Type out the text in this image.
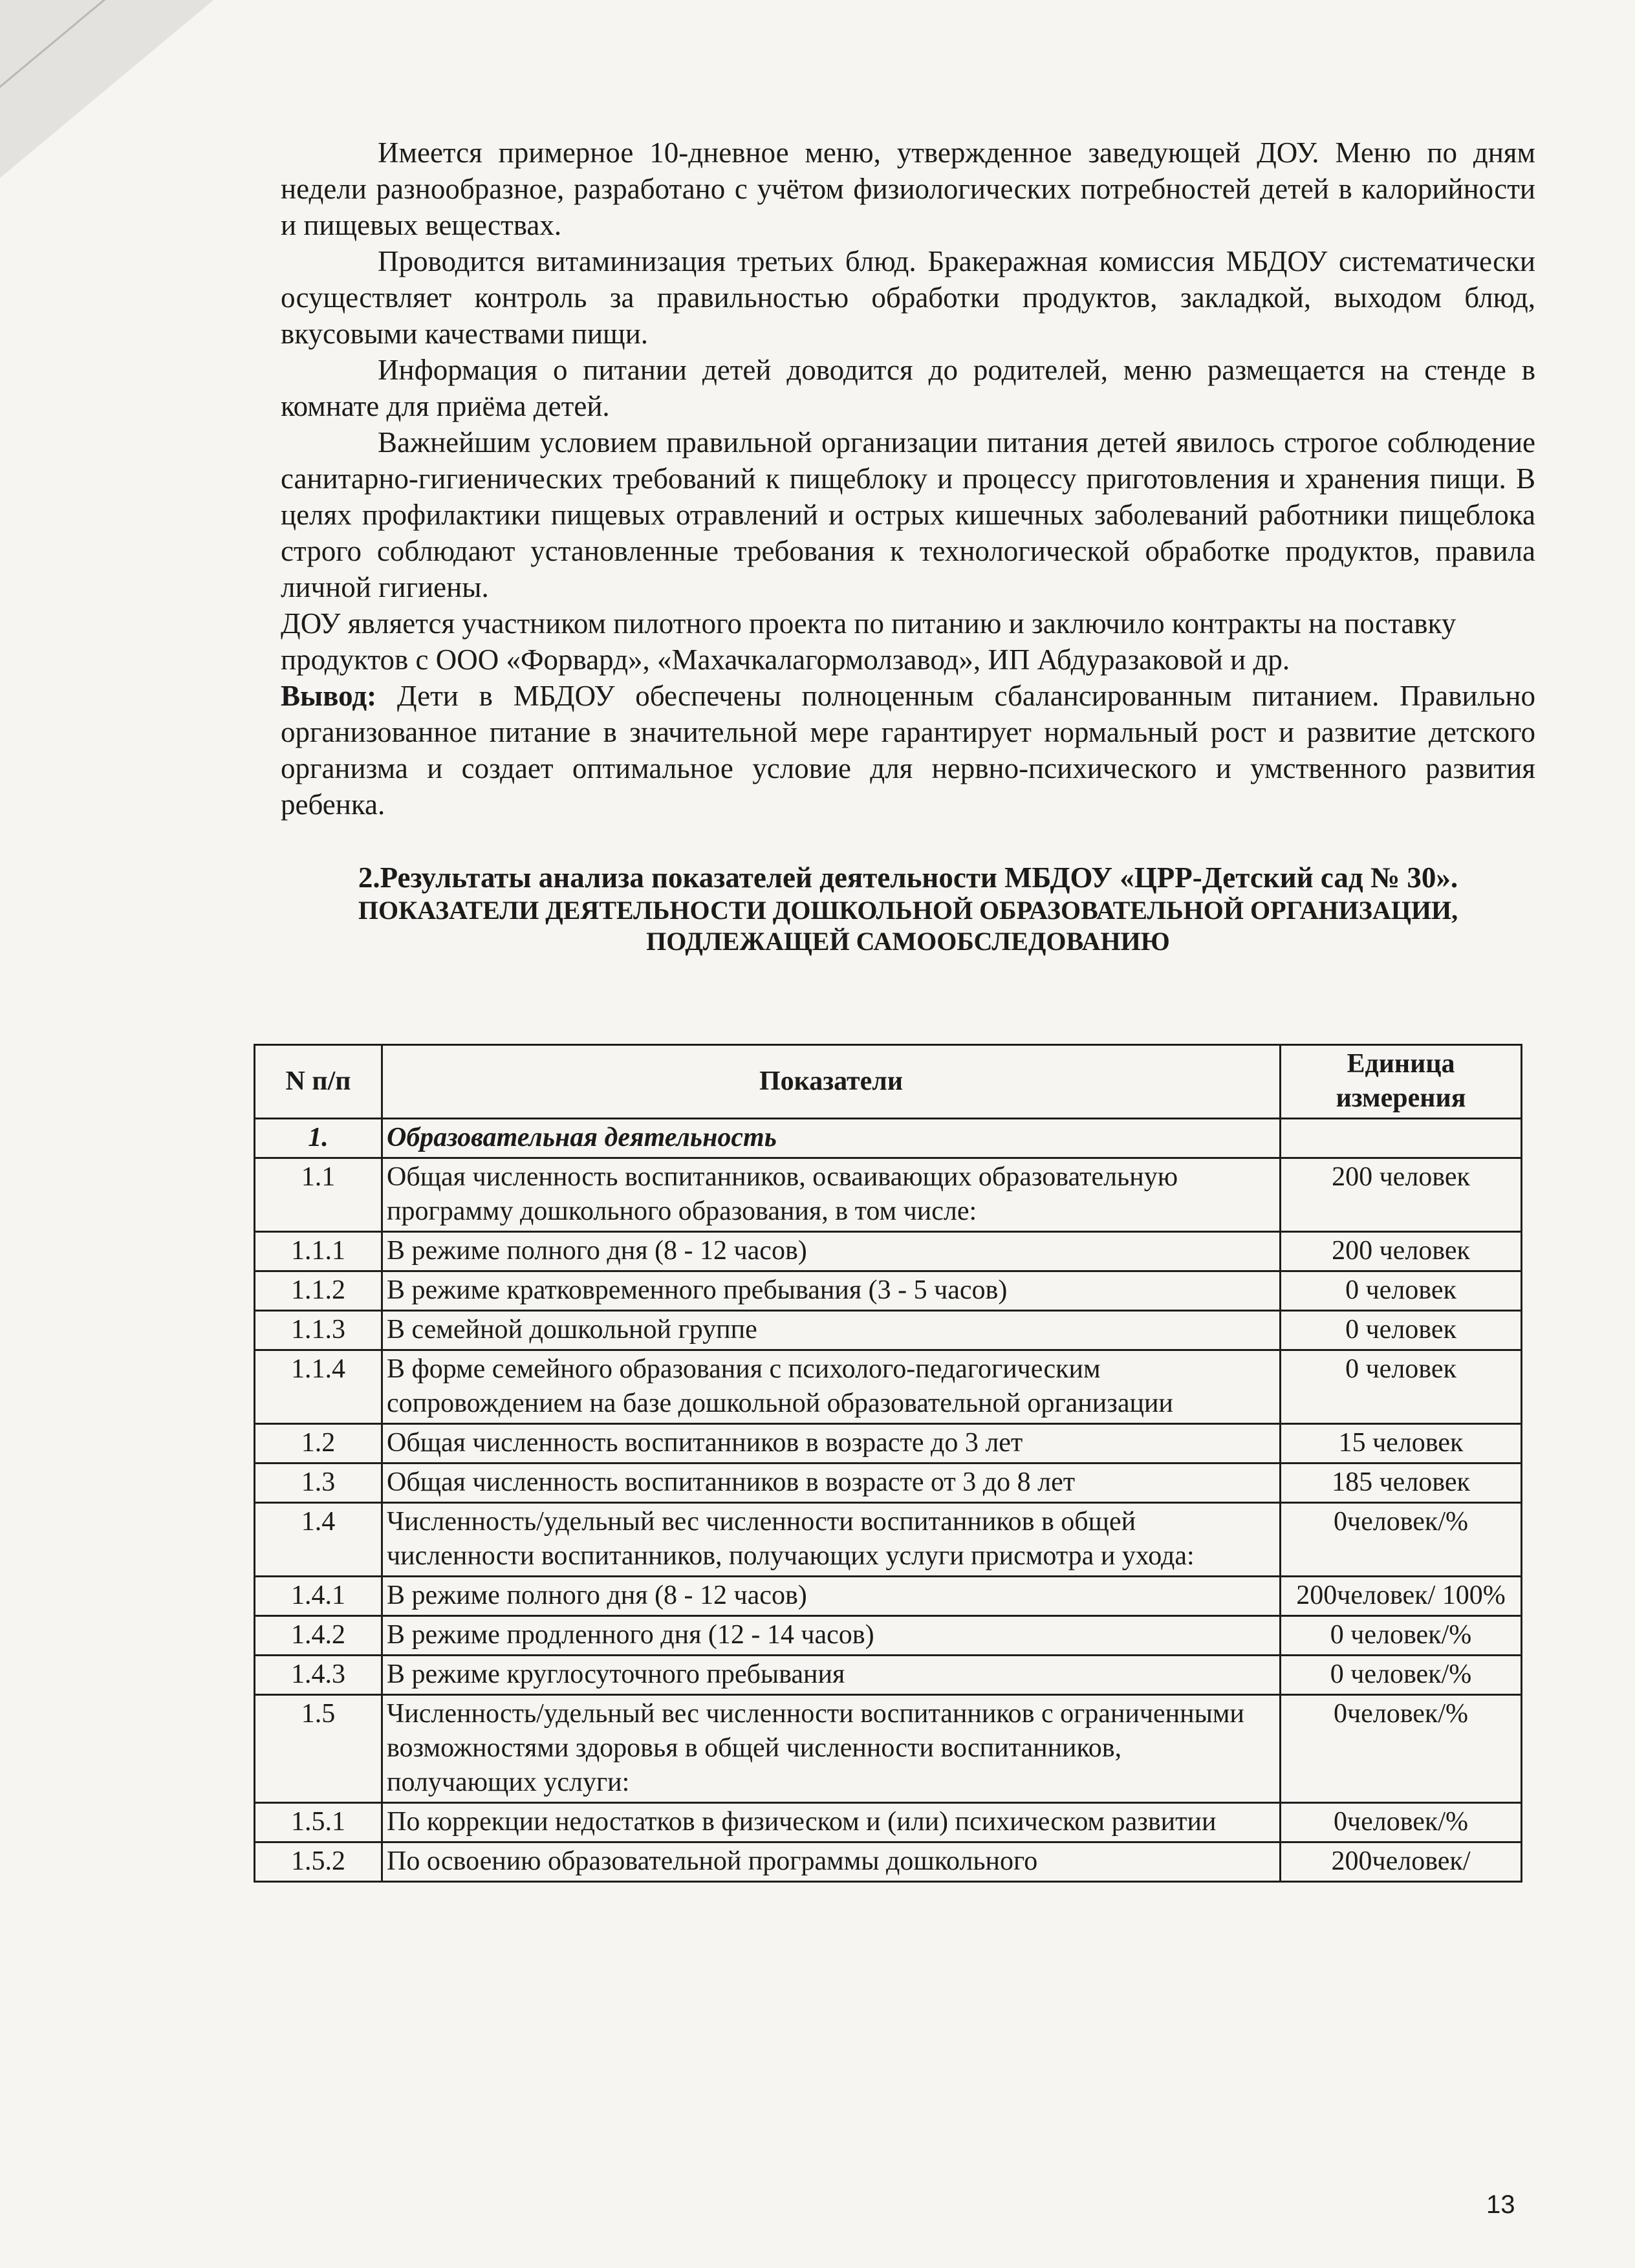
Имеется примерное 10-дневное меню, утвержденное заведующей ДОУ. Меню по дням недели разнообразное, разработано с учётом физиологических потребностей детей в калорийности и пищевых веществах.

Проводится витаминизация третьих блюд. Бракеражная комиссия МБДОУ систематически осуществляет контроль за правильностью обработки продуктов, закладкой, выходом блюд, вкусовыми качествами пищи.

Информация о питании детей доводится до родителей, меню размещается на стенде в комнате для приёма детей.

Важнейшим условием правильной организации питания детей явилось строгое соблюдение санитарно-гигиенических требований к пищеблоку и процессу приготовления и хранения пищи. В целях профилактики пищевых отравлений и острых кишечных заболеваний работники пищеблока строго соблюдают установленные требования к технологической обработке продуктов, правила личной гигиены.

ДОУ является участником пилотного проекта по питанию и заключило контракты на поставку продуктов с ООО «Форвард», «Махачкалагормолзавод», ИП Абдуразаковой и др.

Вывод: Дети в МБДОУ обеспечены полноценным сбалансированным питанием. Правильно организованное питание в значительной мере гарантирует нормальный рост и развитие детского организма и создает оптимальное условие для нервно-психического и умственного развития ребенка.

2.Результаты анализа показателей деятельности МБДОУ «ЦРР-Детский сад № 30».
ПОКАЗАТЕЛИ ДЕЯТЕЛЬНОСТИ ДОШКОЛЬНОЙ ОБРАЗОВАТЕЛЬНОЙ ОРГАНИЗАЦИИ, ПОДЛЕЖАЩЕЙ САМООБСЛЕДОВАНИЮ
N п/п	Показатели	Единица измерения
1.	Образовательная деятельность	
1.1	Общая численность воспитанников, осваивающих образовательную программу дошкольного образования, в том числе:	200 человек
1.1.1	В режиме полного дня (8 - 12 часов)	200 человек
1.1.2	В режиме кратковременного пребывания (3 - 5 часов)	0 человек
1.1.3	В семейной дошкольной группе	0 человек
1.1.4	В форме семейного образования с психолого-педагогическим сопровождением на базе дошкольной образовательной организации	0 человек
1.2	Общая численность воспитанников в возрасте до 3 лет	15 человек
1.3	Общая численность воспитанников в возрасте от 3 до 8 лет	185 человек
1.4	Численность/удельный вес численности воспитанников в общей численности воспитанников, получающих услуги присмотра и ухода:	0человек/%
1.4.1	В режиме полного дня (8 - 12 часов)	200человек/ 100%
1.4.2	В режиме продленного дня (12 - 14 часов)	0 человек/%
1.4.3	В режиме круглосуточного пребывания	0 человек/%
1.5	Численность/удельный вес численности воспитанников с ограниченными возможностями здоровья в общей численности воспитанников, получающих услуги:	0человек/%
1.5.1	По коррекции недостатков в физическом и (или) психическом развитии	0человек/%
1.5.2	По освоению образовательной программы дошкольного	200человек/
13
